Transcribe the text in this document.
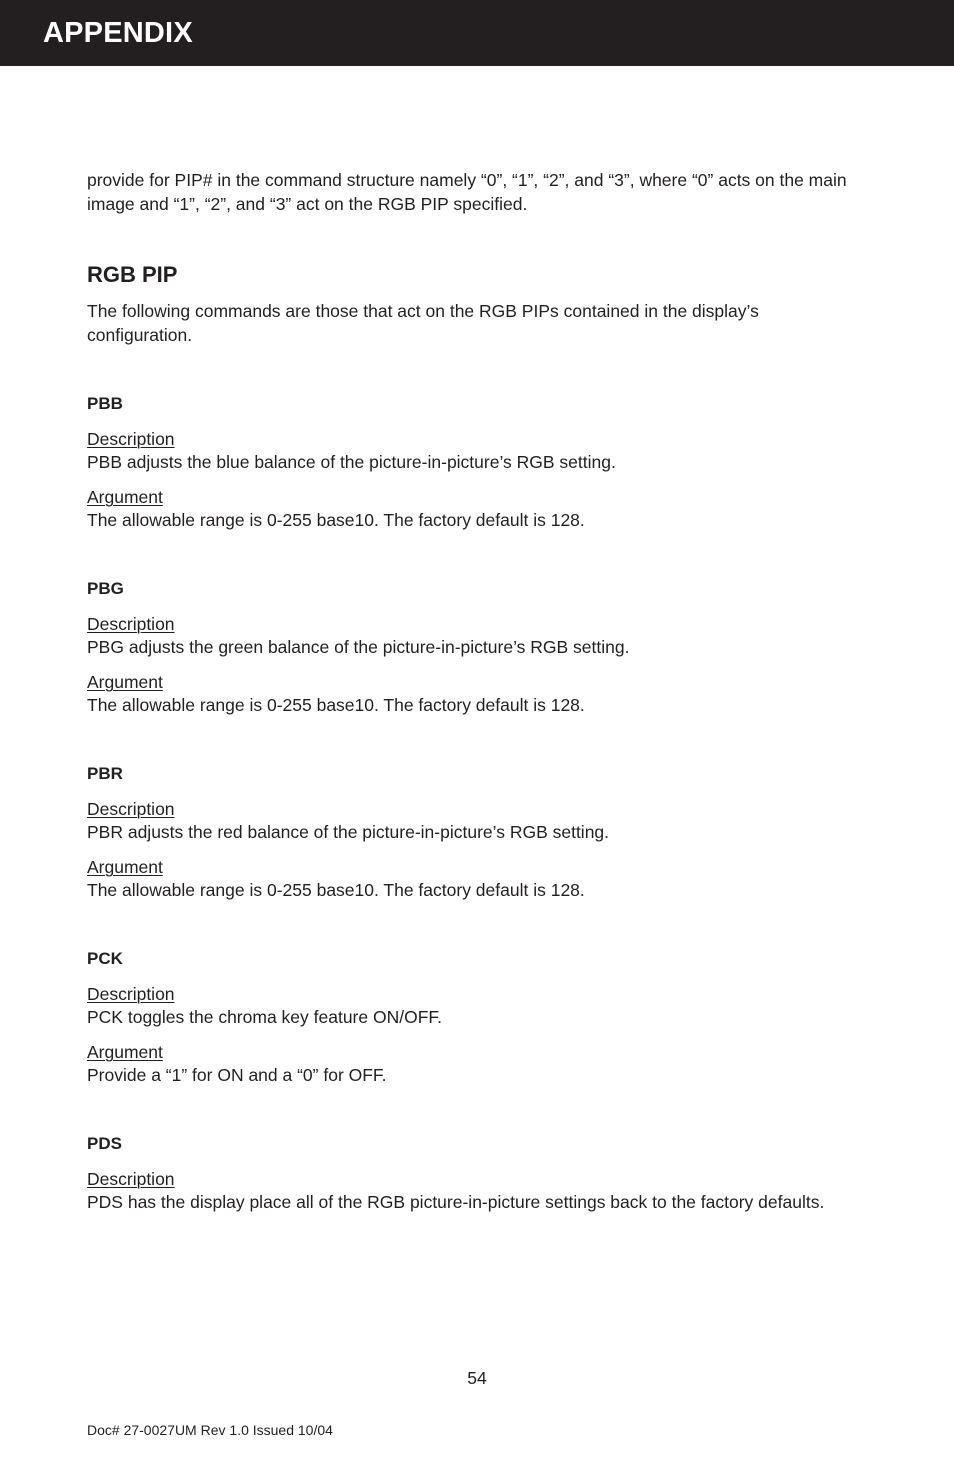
APPENDIX

provide for PIP# in the command structure namely “0”, “1”, “2”, and “3”, where “0” acts on the main image and “1”, “2”, and “3” act on the RGB PIP specified.

RGB PIP

The following commands are those that act on the RGB PIPs contained in the display’s configuration.

PBB

Description

PBB adjusts the blue balance of the picture-in-picture’s RGB setting.

Argument

The allowable range is 0-255 base10. The factory default is 128.

PBG

Description

PBG adjusts the green balance of the picture-in-picture’s RGB setting.

Argument

The allowable range is 0-255 base10. The factory default is 128.

PBR

Description

PBR adjusts the red balance of the picture-in-picture’s RGB setting.

Argument

The allowable range is 0-255 base10. The factory default is 128.

PCK

Description

PCK toggles the chroma key feature ON/OFF.

Argument

Provide a “1” for ON and a “0” for OFF.

PDS

Description

PDS has the display place all of the RGB picture-in-picture settings back to the factory defaults.

54

Doc# 27-0027UM Rev 1.0 Issued 10/04
